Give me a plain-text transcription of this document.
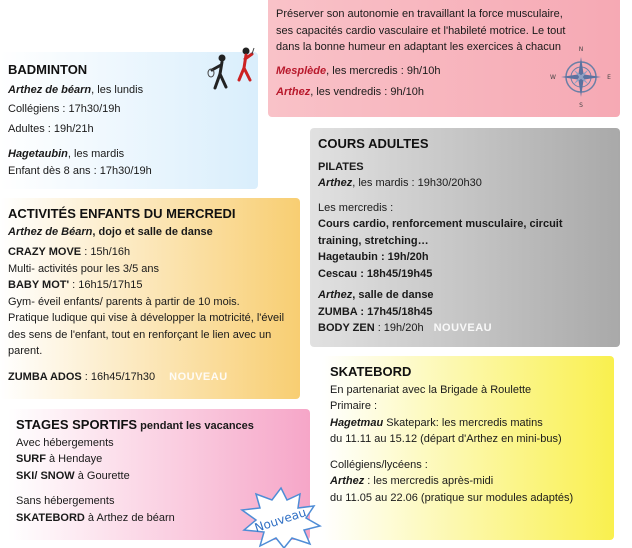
Préserver son autonomie en travaillant la force musculaire, ses capacités cardio vasculaire et l'habileté motrice. Le tout dans la bonne humeur en adaptant les exercices à chacun
Mesplède, les mercredis : 9h/10h
Arthez, les vendredis : 9h/10h
N
S
E
W
BADMINTON
Arthez de béarn, les lundis
Collégiens : 17h30/19h
Adultes : 19h/21h
Hagetaubin, les mardis
Enfant dès 8 ans : 17h30/19h
COURS ADULTES
PILATES
Arthez, les mardis : 19h30/20h30
Les mercredis :
Cours cardio, renforcement musculaire, circuit
training, stretching…
Hagetaubin : 19h/20h
Cescau : 18h45/19h45
Arthez, salle de danse
ZUMBA : 17h45/18h45
BODY ZEN : 19h/20h NOUVEAU
ACTIVITÉS ENFANTS DU MERCREDI
Arthez de Béarn, dojo et salle de danse
CRAZY MOVE : 15h/16h
Multi- activités pour les 3/5 ans
BABY MOT' : 16h15/17h15
Gym- éveil enfants/ parents à partir de 10 mois.
Pratique ludique qui vise à développer la motricité, l'éveil des sens de l'enfant, tout en renforçant le lien avec un parent.
ZUMBA ADOS : 16h45/17h30 NOUVEAU	SKATEBORD
En partenariat avec la Brigade à Roulette
Primaire :
Hagetmau Skatepark: les mercredis matins
du 11.11 au 15.12 (départ d'Arthez en mini-bus)
Collégiens/lycéens :
Arthez : les mercredis après-midi
du 11.05 au 22.06 (pratique sur modules adaptés)
STAGES SPORTIFS pendant les vacances
Avec hébergements
SURF à Hendaye
SKI/ SNOW à Gourette
Sans hébergements
SKATEBORD à Arthez de béarn	Nouveau
